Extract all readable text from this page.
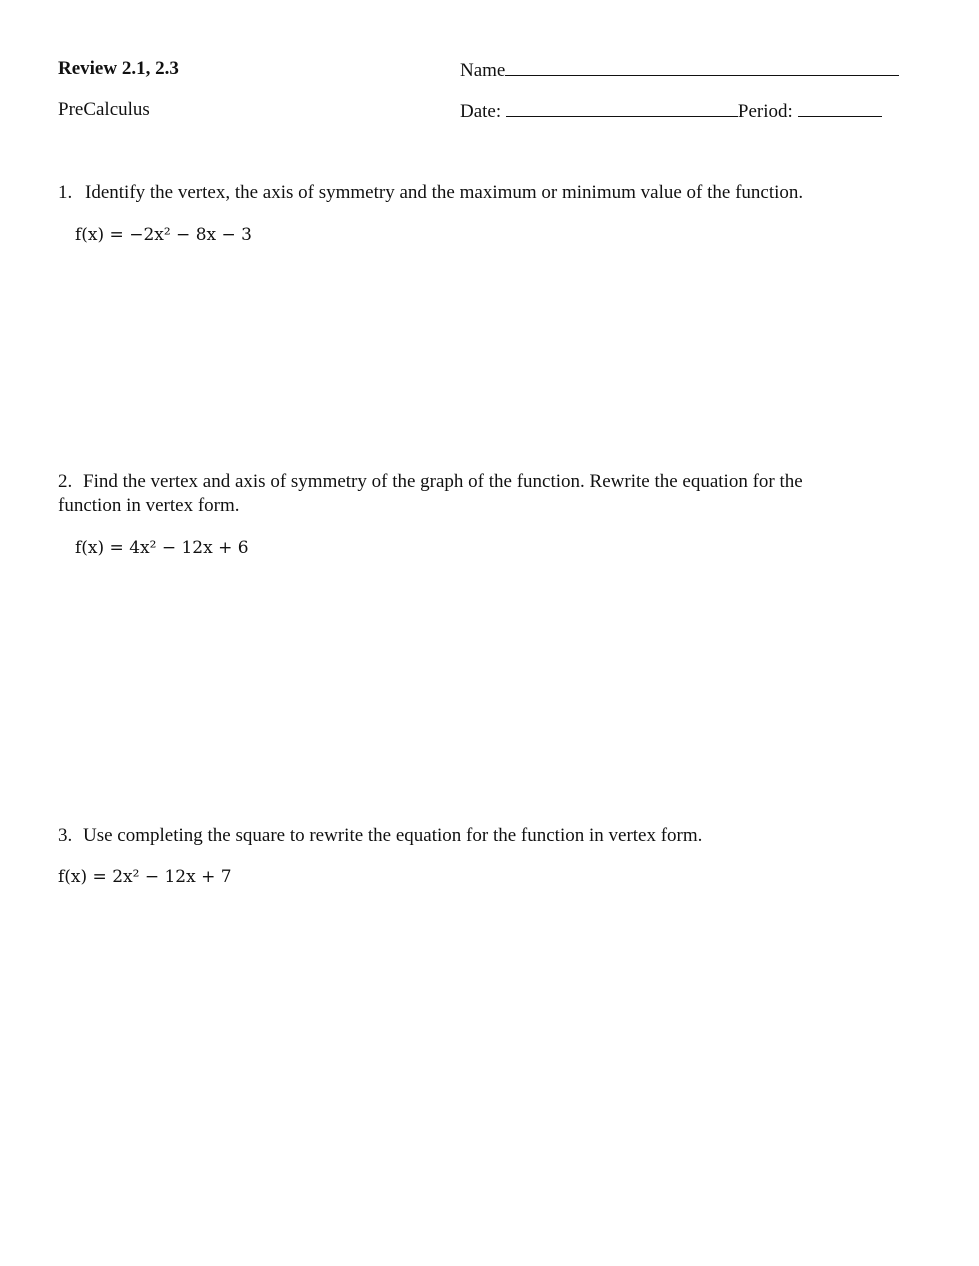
Review 2.1, 2.3
PreCalculus
Name
Date:	Period:
1. Identify the vertex, the axis of symmetry and the maximum or minimum value of the function.
f(x) = −2x² − 8x − 3
2. Find the vertex and axis of symmetry of the graph of the function. Rewrite the equation for the
function in vertex form.
f(x) = 4x² − 12x + 6
3. Use completing the square to rewrite the equation for the function in vertex form.
f(x) = 2x² − 12x + 7
